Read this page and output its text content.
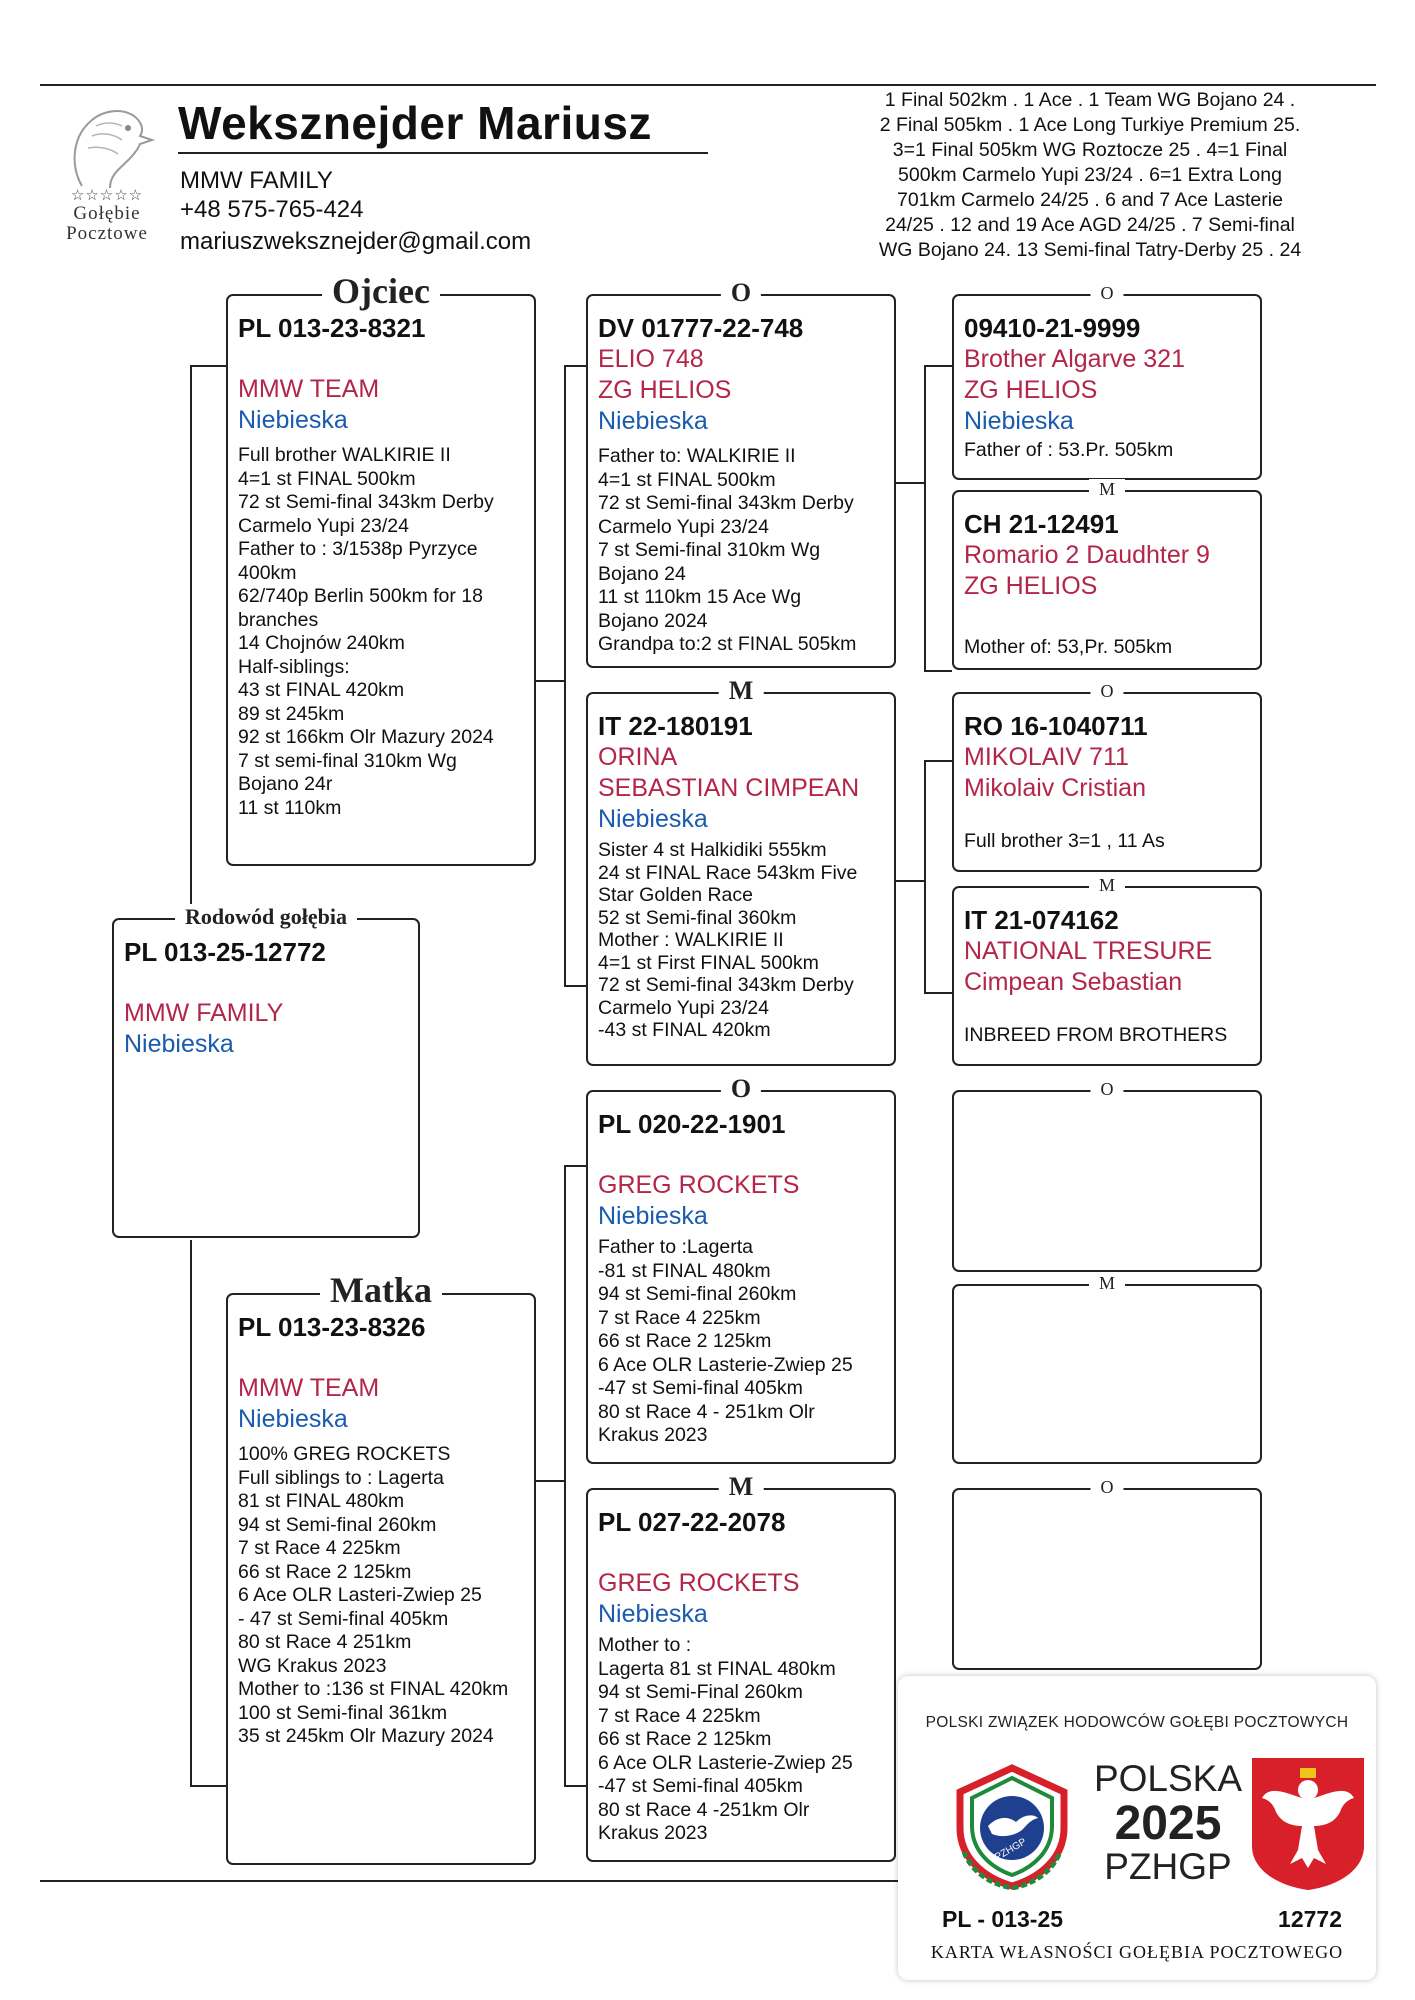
☆☆☆☆☆
Gołębie Pocztowe
Weksznejder Mariusz
MMW FAMILY
+48 575-765-424
mariuszweksznejder@gmail.com
1 Final 502km . 1 Ace . 1 Team WG Bojano 24 .
2 Final 505km . 1 Ace Long Turkiye Premium 25.
3=1 Final 505km WG Roztocze 25 . 4=1 Final
500km Carmelo Yupi 23/24 . 6=1 Extra Long
701km Carmelo 24/25 . 6 and 7 Ace Lasterie
24/25 . 12 and 19 Ace AGD 24/25 . 7 Semi-final
WG Bojano 24. 13 Semi-final Tatry-Derby 25 . 24
Rodowód gołębia
PL 013-25-12772
MMW FAMILY
Niebieska
Ojciec
PL 013-23-8321
MMW TEAM
Niebieska
Full brother WALKIRIE II
4=1 st FINAL 500km
72 st Semi-final 343km Derby
Carmelo Yupi 23/24
Father to : 3/1538p Pyrzyce
400km
62/740p Berlin 500km for 18
branches
14 Chojnów 240km
Half-siblings:
43 st FINAL 420km
89 st 245km
92 st 166km Olr Mazury 2024
7 st semi-final 310km Wg
Bojano 24r
11 st 110km
Matka
PL 013-23-8326
MMW TEAM
Niebieska
100% GREG ROCKETS
Full siblings to : Lagerta
81 st FINAL 480km
94 st Semi-final 260km
7 st Race 4 225km
66 st Race 2 125km
6 Ace OLR Lasteri-Zwiep 25
- 47 st Semi-final 405km
80 st Race 4 251km
WG Krakus 2023
Mother to :136 st FINAL 420km
100 st Semi-final 361km
35 st 245km Olr Mazury 2024
O
DV 01777-22-748
ELIO 748
ZG HELIOS
Niebieska
Father to: WALKIRIE II
4=1 st FINAL 500km
72 st Semi-final 343km Derby
Carmelo Yupi 23/24
7 st Semi-final 310km Wg
Bojano 24
11 st 110km 15 Ace Wg
Bojano 2024
Grandpa to:2 st FINAL 505km
M
IT 22-180191
ORINA
SEBASTIAN CIMPEAN
Niebieska
Sister 4 st Halkidiki 555km
24 st FINAL Race 543km Five
Star Golden Race
52 st Semi-final 360km
Mother : WALKIRIE II
4=1 st First FINAL 500km
72 st Semi-final 343km Derby
Carmelo Yupi 23/24
-43 st FINAL 420km
O
PL 020-22-1901
GREG ROCKETS
Niebieska
Father to :Lagerta
-81 st FINAL 480km
94 st Semi-final 260km
7 st Race 4 225km
66 st Race 2 125km
6 Ace OLR Lasterie-Zwiep 25
-47 st Semi-final 405km
80 st Race 4 - 251km Olr
Krakus 2023
M
PL 027-22-2078
GREG ROCKETS
Niebieska
Mother to :
Lagerta 81 st FINAL 480km
94 st Semi-Final 260km
7 st Race 4 225km
66 st Race 2 125km
6 Ace OLR Lasterie-Zwiep 25
-47 st Semi-final 405km
80 st Race 4 -251km Olr
Krakus 2023
O
09410-21-9999
Brother Algarve 321
ZG HELIOS
Niebieska
Father of : 53.Pr. 505km
M
CH 21-12491
Romario 2 Daudhter 9
ZG HELIOS
Mother of: 53,Pr. 505km
O
RO 16-1040711
MIKOLAIV 711
Mikolaiv Cristian
Full brother 3=1 , 11 As
M
IT 21-074162
NATIONAL TRESURE
Cimpean Sebastian
INBREED FROM BROTHERS
O
M
O
POLSKI ZWIĄZEK HODOWCÓW GOŁĘBI POCZTOWYCH
PZHGP
POLSKA
2025
PZHGP
PL - 013-25	12772
KARTA WŁASNOŚCI GOŁĘBIA POCZTOWEGO
